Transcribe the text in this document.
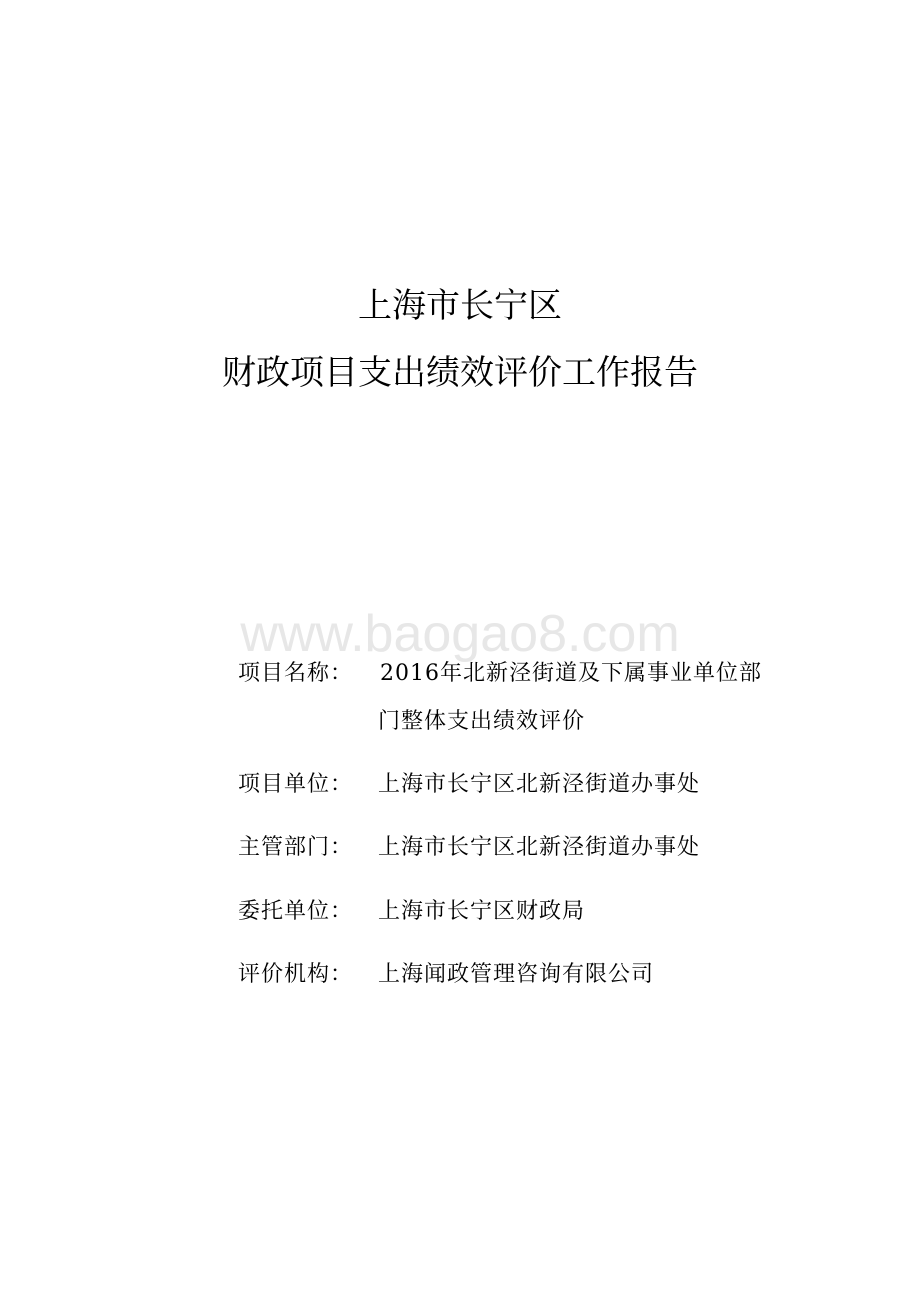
上海市长宁区
财政项目支出绩效评价工作报告
www.baogao8.com
项目名称：	2016年北新泾街道及下属事业单位部
门整体支出绩效评价
项目单位：	上海市长宁区北新泾街道办事处
主管部门：	上海市长宁区北新泾街道办事处
委托单位：	上海市长宁区财政局
评价机构：	上海闻政管理咨询有限公司
